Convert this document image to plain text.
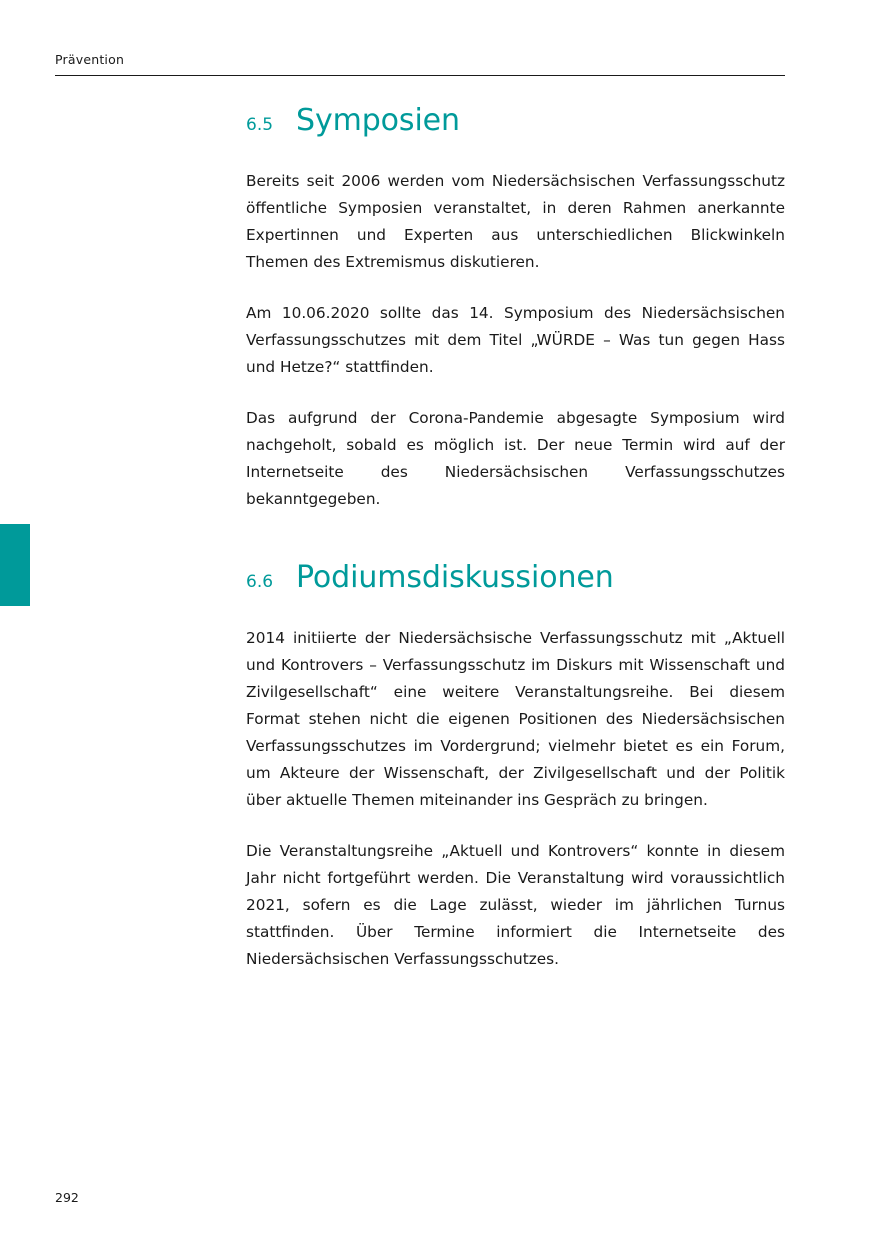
Prävention
6.5 Symposien

Bereits seit 2006 werden vom Niedersächsischen Verfassungsschutz öffentliche Symposien veranstaltet, in deren Rahmen anerkannte Expertinnen und Experten aus unterschiedlichen Blickwinkeln Themen des Extremismus diskutieren.

Am 10.06.2020 sollte das 14. Symposium des Niedersächsischen Verfassungsschutzes mit dem Titel „WÜRDE – Was tun gegen Hass und Hetze?“ stattfinden.

Das aufgrund der Corona-Pandemie abgesagte Symposium wird nachgeholt, sobald es möglich ist. Der neue Termin wird auf der Internetseite des Niedersächsischen Verfassungsschutzes bekanntgegeben.

6.6 Podiumsdiskussionen

2014 initiierte der Niedersächsische Verfassungsschutz mit „Aktuell und Kontrovers – Verfassungsschutz im Diskurs mit Wissenschaft und Zivilgesellschaft“ eine weitere Veranstaltungsreihe. Bei diesem Format stehen nicht die eigenen Positionen des Niedersächsischen Verfassungsschutzes im Vordergrund; vielmehr bietet es ein Forum, um Akteure der Wissenschaft, der Zivilgesellschaft und der Politik über aktuelle Themen miteinander ins Gespräch zu bringen.

Die Veranstaltungsreihe „Aktuell und Kontrovers“ konnte in diesem Jahr nicht fortgeführt werden. Die Veranstaltung wird voraussichtlich 2021, sofern es die Lage zulässt, wieder im jährlichen Turnus stattfinden. Über Termine informiert die Internetseite des Niedersächsischen Verfassungsschutzes.

292
